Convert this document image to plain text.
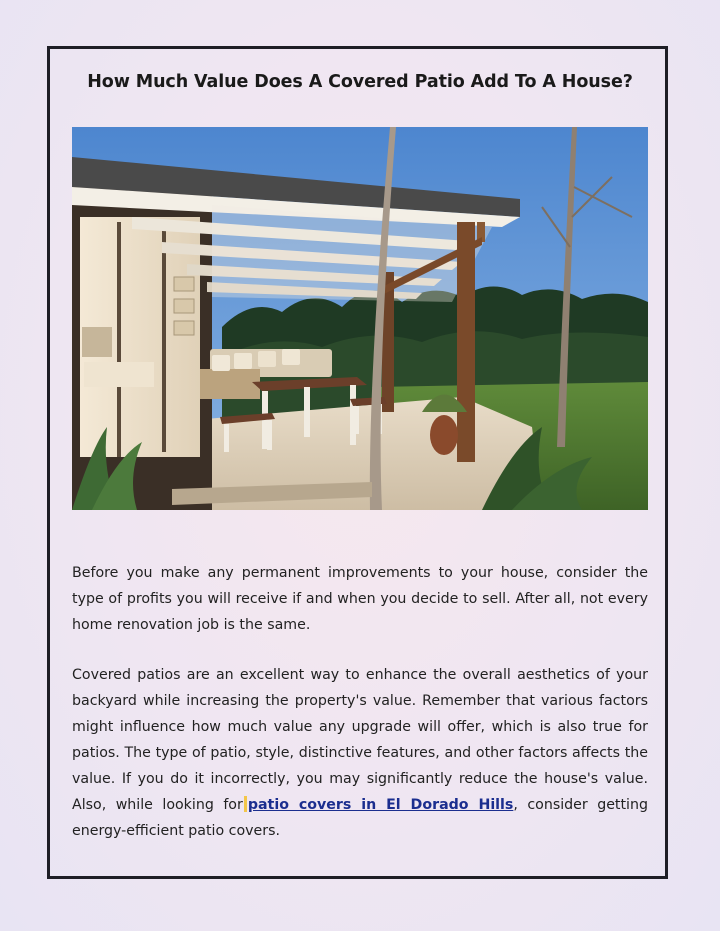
How Much Value Does A Covered Patio Add To A House?

Before you make any permanent improvements to your house, consider the type of profits you will receive if and when you decide to sell. After all, not every home renovation job is the same.

Covered patios are an excellent way to enhance the overall aesthetics of your backyard while increasing the property's value. Remember that various factors might influence how much value any upgrade will offer, which is also true for patios. The type of patio, style, distinctive features, and other factors affects the value. If you do it incorrectly, you may significantly reduce the house's value. Also, while looking for patio covers in El Dorado Hills, consider getting energy-efficient patio covers.
